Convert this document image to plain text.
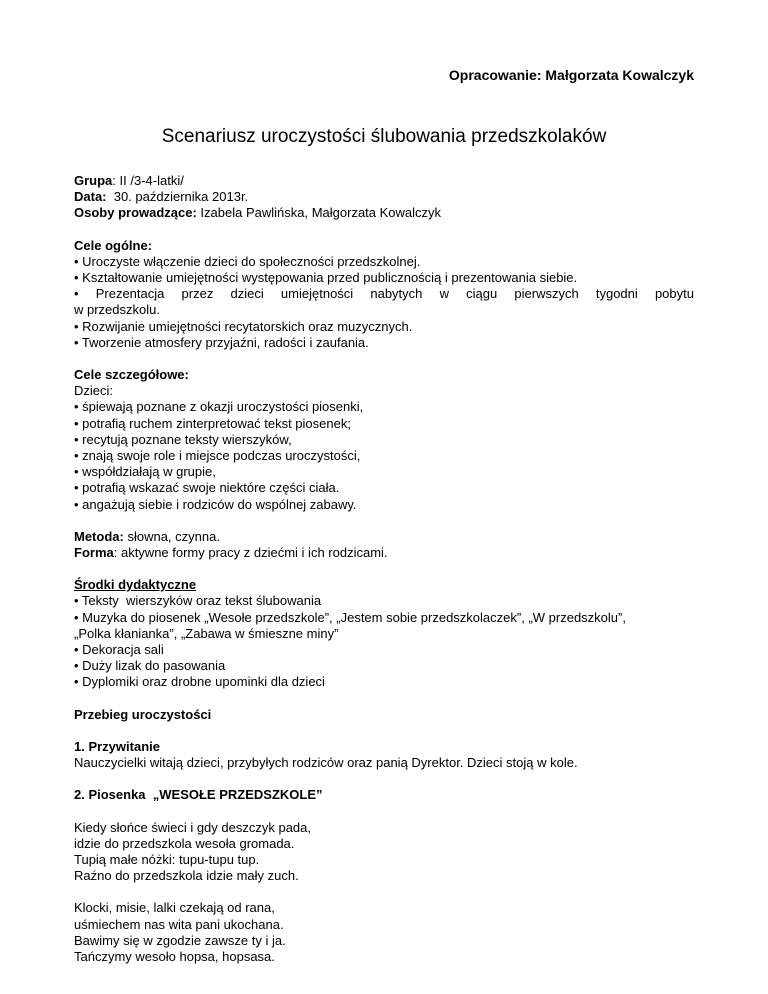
Opracowanie: Małgorzata Kowalczyk
Scenariusz uroczystości ślubowania przedszkolaków
Grupa: II /3-4-latki/
Data:  30. października 2013r.
Osoby prowadzące: Izabela Pawlińska, Małgorzata Kowalczyk
Cele ogólne:
• Uroczyste włączenie dzieci do społeczności przedszkolnej.
• Kształtowanie umiejętności występowania przed publicznością i prezentowania siebie.
• Prezentacja przez dzieci umiejętności nabytych w ciągu pierwszych tygodni pobytu
w przedszkolu.
• Rozwijanie umiejętności recytatorskich oraz muzycznych.
• Tworzenie atmosfery przyjaźni, radości i zaufania.
Cele szczegółowe:
Dzieci:
• śpiewają poznane z okazji uroczystości piosenki,
• potrafią ruchem zinterpretować tekst piosenek;
• recytują poznane teksty wierszyków,
• znają swoje role i miejsce podczas uroczystości,
• współdziałają w grupie,
• potrafią wskazać swoje niektóre części ciała.
• angażują siebie i rodziców do wspólnej zabawy.
Metoda: słowna, czynna.
Forma: aktywne formy pracy z dziećmi i ich rodzicami.
Środki dydaktyczne
• Teksty  wierszyków oraz tekst ślubowania
• Muzyka do piosenek „Wesołe przedszkole”, „Jestem sobie przedszkolaczek”, „W przedszkolu”,
„Polka kłanianka”, „Zabawa w śmieszne miny”
• Dekoracja sali
• Duży lizak do pasowania
• Dyplomiki oraz drobne upominki dla dzieci
Przebieg uroczystości
1. Przywitanie
Nauczycielki witają dzieci, przybyłych rodziców oraz panią Dyrektor. Dzieci stoją w kole.
2. Piosenka  „WESOŁE PRZEDSZKOLE”
Kiedy słońce świeci i gdy deszczyk pada,
idzie do przedszkola wesoła gromada.
Tupią małe nóżki: tupu-tupu tup.
Raźno do przedszkola idzie mały zuch.
Klocki, misie, lalki czekają od rana,
uśmiechem nas wita pani ukochana.
Bawimy się w zgodzie zawsze ty i ja.
Tańczymy wesoło hopsa, hopsasa.
